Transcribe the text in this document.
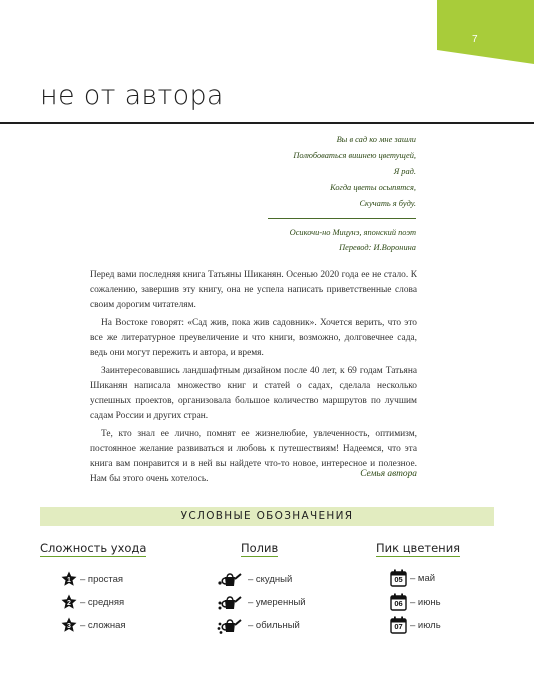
7
не от автора
Вы в сад ко мне зашли
Полюбоваться вишнею цветущей,
Я рад.
Когда цветы осыпятся,
Скучать я буду.
Осикочи-но Мицунэ, японский поэт
Перевод: И.Воронина

Перед вами последняя книга Татьяны Шиканян. Осенью 2020 года ее не стало. К сожалению, завершив эту книгу, она не успела написать приветственные слова своим дорогим читателям.

На Востоке говорят: «Сад жив, пока жив садовник». Хочется верить, что это все же литературное преувеличение и что книги, возможно, долговечнее сада, ведь они могут пережить и автора, и время.

Заинтересовавшись ландшафтным дизайном после 40 лет, к 69 годам Татьяна Шиканян написала множество книг и статей о садах, сделала несколько успешных проектов, организовала большое количество маршрутов по лучшим садам России и других стран.

Те, кто знал ее лично, помнят ее жизнелюбие, увлеченность, оптимизм, постоянное желание развиваться и любовь к путешествиям! Надеемся, что эта книга вам понравится и в ней вы найдете что-то новое, интересное и полезное. Нам бы этого очень хотелось.	Семья автора
УСЛОВНЫЕ ОБОЗНАЧЕНИЯ
Сложность ухода
1 – простая
2 – средняя
3 – сложная
Полив
– скудный
– умеренный
– обильный
Пик цветения
05 – май
06 – июнь
07 – июль
